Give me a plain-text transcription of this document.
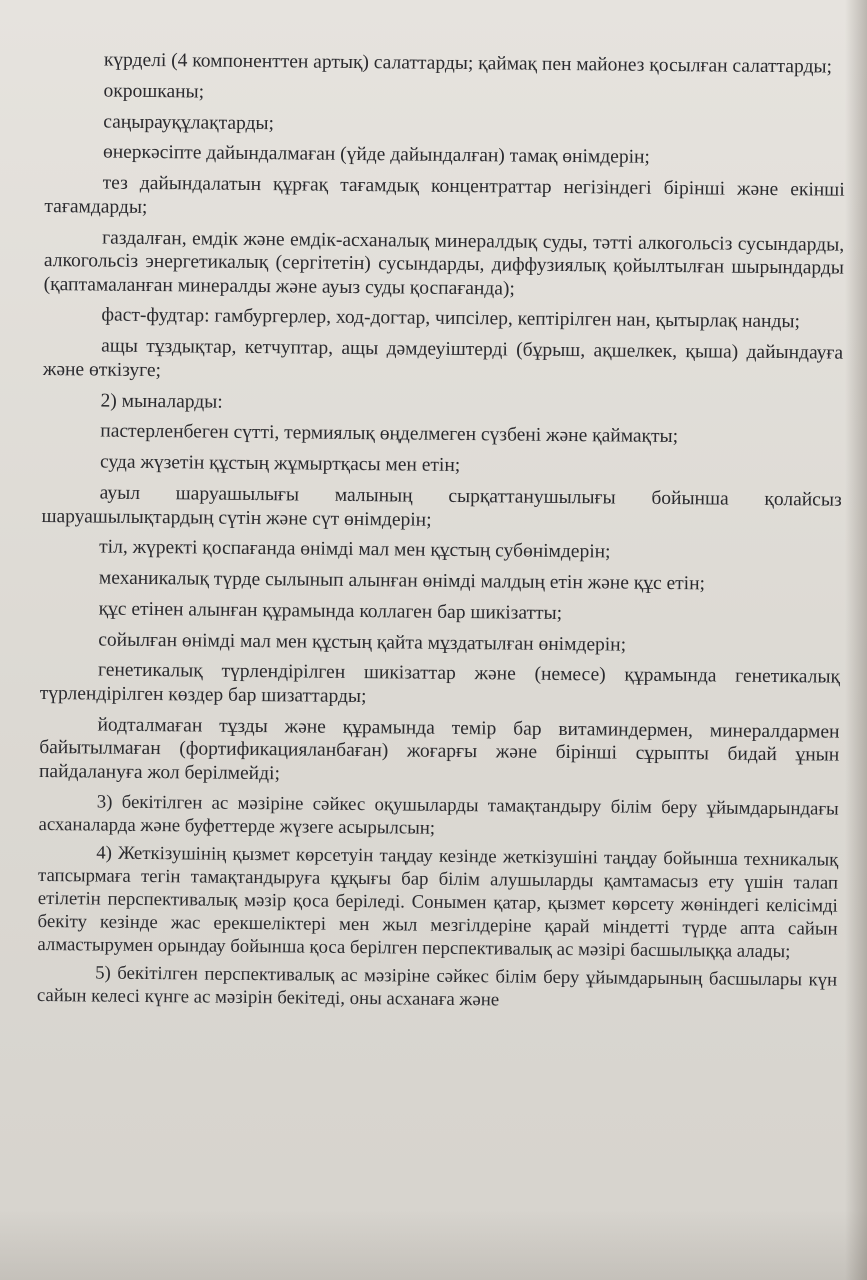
күрделі (4 компоненттен артық) салаттарды; қаймақ пен майонез қосылған салаттарды;

окрошканы;

саңырауқұлақтарды;

өнеркәсіпте дайындалмаған (үйде дайындалған) тамақ өнімдерін;

тез дайындалатын құрғақ тағамдық концентраттар негізіндегі бірінші және екінші тағамдарды;

газдалған, емдік және емдік-асханалық минералдық суды, тәтті алкогольсіз сусындарды, алкогольсіз энергетикалық (сергітетін) сусындарды, диффузиялық қойылтылған шырындарды (қаптамаланған минералды және ауыз суды қоспағанда);

фаст-фудтар: гамбургерлер, ход-догтар, чипсілер, кептірілген нан, қытырлақ нанды;

ащы тұздықтар, кетчуптар, ащы дәмдеуіштерді (бұрыш, ақшелкек, қыша) дайындауға және өткізуге;

2) мыналарды:

пастерленбеген сүтті, термиялық өңделмеген сүзбені және қаймақты;

суда жүзетін құстың жұмыртқасы мен етін;

ауыл шаруашылығы малының сырқаттанушылығы бойынша қолайсыз шаруашылықтардың сүтін және сүт өнімдерін;

тіл, жүректі қоспағанда өнімді мал мен құстың субөнімдерін;

механикалық түрде сылынып алынған өнімді малдың етін және құс етін;

құс етінен алынған құрамында коллаген бар шикізатты;

сойылған өнімді мал мен құстың қайта мұздатылған өнімдерін;

генетикалық түрлендірілген шикізаттар және (немесе) құрамында генетикалық түрлендірілген көздер бар шизаттарды;

йодталмаған тұзды және құрамында темір бар витаминдермен, минералдармен байытылмаған (фортификацияланбаған) жоғарғы және бірінші сұрыпты бидай ұнын пайдалануға жол берілмейді;

3) бекітілген ас мәзіріне сәйкес оқушыларды тамақтандыру білім беру ұйымдарындағы асханаларда және буфеттерде жүзеге асырылсын;

4) Жеткізушінің қызмет көрсетуін таңдау кезінде жеткізушіні таңдау бойынша техникалық тапсырмаға тегін тамақтандыруға құқығы бар білім алушыларды қамтамасыз ету үшін талап етілетін перспективалық мәзір қоса беріледі. Сонымен қатар, қызмет көрсету жөніндегі келісімді бекіту кезінде жас ерекшеліктері мен жыл мезгілдеріне қарай міндетті түрде апта сайын алмастырумен орындау бойынша қоса берілген перспективалық ас мәзірі басшылыққа алады;

5) бекітілген перспективалық ас мәзіріне сәйкес білім беру ұйымдарының басшылары күн сайын келесі күнге ас мәзірін бекітеді, оны асханаға және
